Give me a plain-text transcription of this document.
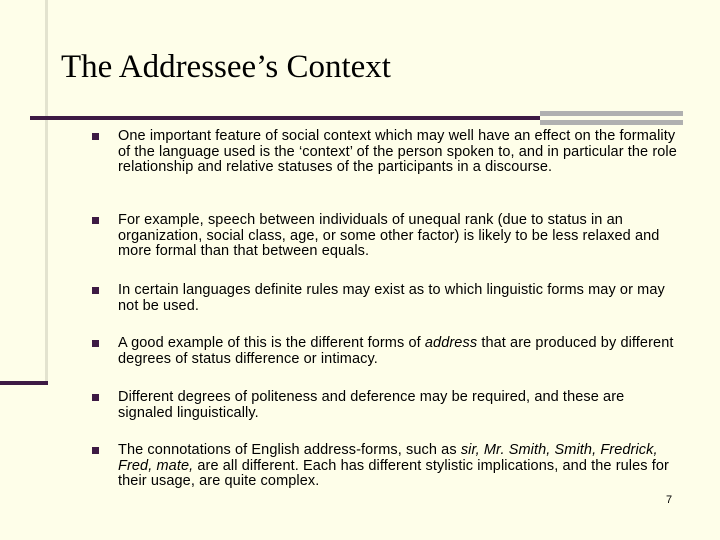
The Addressee’s Context
One important feature of social context which may well have an effect on the formality of the language used is the ‘context’ of the person spoken to, and in particular the role relationship and relative statuses of the participants in a discourse.
For example, speech between individuals of unequal rank (due to status in an organization, social class, age, or some other factor) is likely to be less relaxed and more formal than that between equals.
In certain languages definite rules may exist as to which linguistic forms may or may not be used.
A good example of this is the different forms of address that are produced by different degrees of status difference or intimacy.
Different degrees of politeness and deference may be required, and these are signaled linguistically.
The connotations of English address-forms, such as sir, Mr. Smith, Smith, Fredrick, Fred, mate, are all different. Each has different stylistic implications, and the rules for their usage, are quite complex.
7
